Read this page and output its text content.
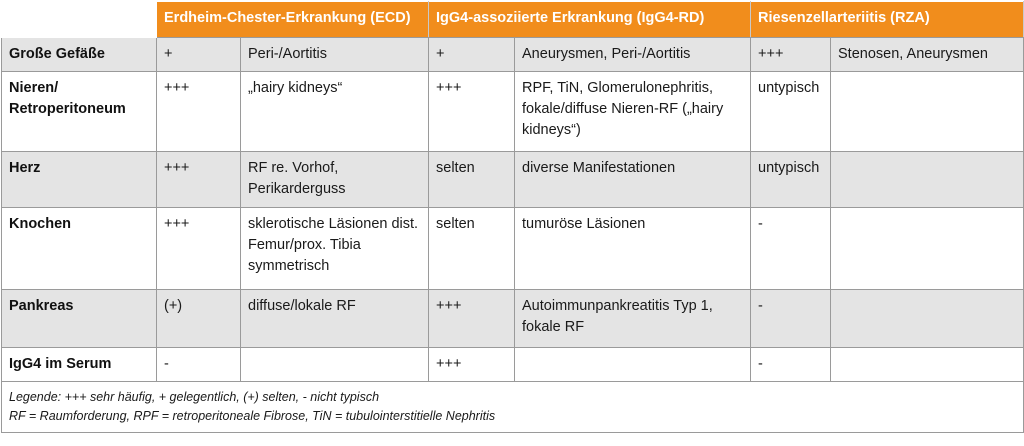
	Erdheim-Chester-Erkrankung (ECD)		IgG4-assoziierte Erkrankung (IgG4-RD)		Riesenzellarteriitis (RZA)	
Große Gefäße	+	Peri-/Aortitis	+	Aneurysmen, Peri-/Aortitis	+++	Stenosen, Aneurysmen
Nieren/ Retroperitoneum	+++	„hairy kidneys“	+++	RPF, TiN, Glomerulonephritis, fokale/diffuse Nieren-RF („hairy kidneys“)	untypisch	
Herz	+++	RF re. Vorhof, Perikarderguss	selten	diverse Manifestationen	untypisch	
Knochen	+++	sklerotische Läsionen dist. Femur/prox. Tibia symmetrisch	selten	tumuröse Läsionen	-	
Pankreas	(+)	diffuse/lokale RF	+++	Autoimmunpankreatitis Typ 1, fokale RF	-	
IgG4 im Serum	-		+++		-	

Legende: +++ sehr häufig, + gelegentlich, (+) selten, - nicht typisch
RF = Raumforderung, RPF = retroperitoneale Fibrose, TiN = tubulointerstitielle Nephritis						
